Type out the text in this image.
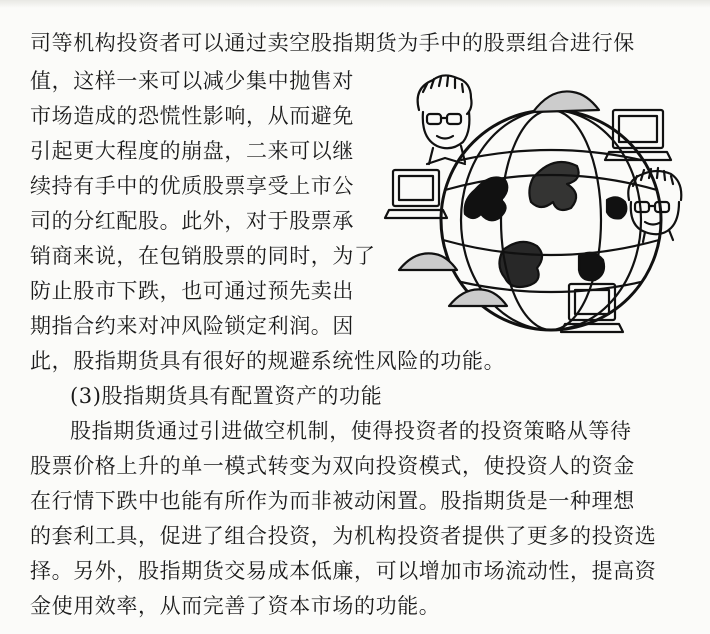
司等机构投资者可以通过卖空股指期货为手中的股票组合进行保
值，这样一来可以减少集中抛售对
市场造成的恐慌性影响，从而避免
引起更大程度的崩盘，二来可以继
续持有手中的优质股票享受上市公
司的分红配股。此外，对于股票承
销商来说，在包销股票的同时，为了
防止股市下跌，也可通过预先卖出
期指合约来对冲风险锁定利润。因
此，股指期货具有很好的规避系统性风险的功能。
(3)股指期货具有配置资产的功能
股指期货通过引进做空机制，使得投资者的投资策略从等待
股票价格上升的单一模式转变为双向投资模式，使投资人的资金
在行情下跌中也能有所作为而非被动闲置。股指期货是一种理想
的套利工具，促进了组合投资，为机构投资者提供了更多的投资选
择。另外，股指期货交易成本低廉，可以增加市场流动性，提高资
金使用效率，从而完善了资本市场的功能。
